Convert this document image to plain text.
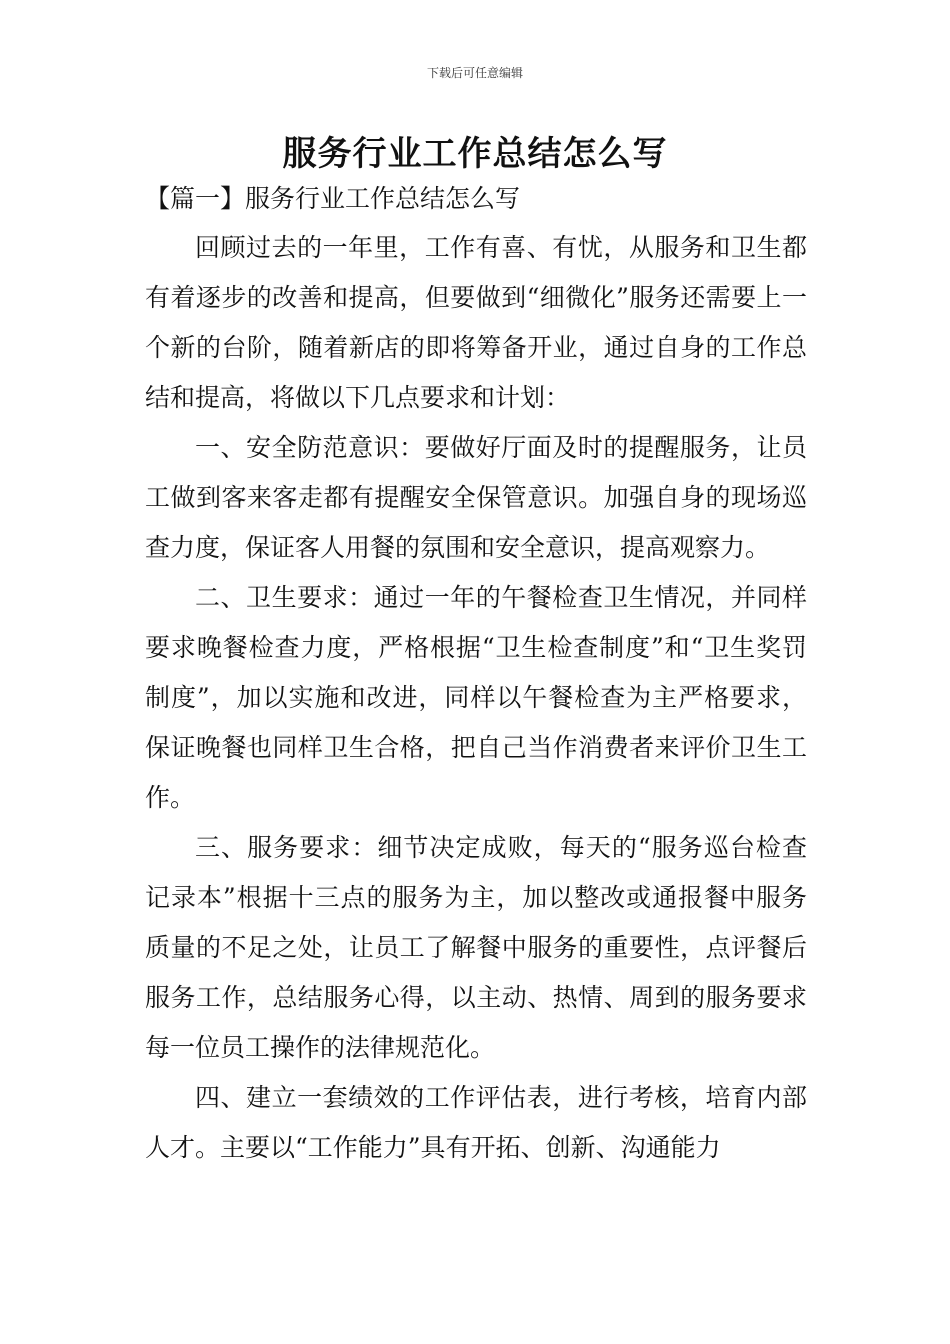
下载后可任意编辑
服务行业工作总结怎么写
【篇一】服务行业工作总结怎么写

回顾过去的一年里，工作有喜、有忧，从服务和卫生都有着逐步的改善和提高，但要做到“细微化”服务还需要上一个新的台阶，随着新店的即将筹备开业，通过自身的工作总结和提高，将做以下几点要求和计划：

一、安全防范意识：要做好厅面及时的提醒服务，让员工做到客来客走都有提醒安全保管意识。加强自身的现场巡查力度，保证客人用餐的氛围和安全意识，提高观察力。

二、卫生要求：通过一年的午餐检查卫生情况，并同样要求晚餐检查力度，严格根据“卫生检查制度”和“卫生奖罚制度”，加以实施和改进，同样以午餐检查为主严格要求，保证晚餐也同样卫生合格，把自己当作消费者来评价卫生工作。

三、服务要求：细节决定成败，每天的“服务巡台检查记录本”根据十三点的服务为主，加以整改或通报餐中服务质量的不足之处，让员工了解餐中服务的重要性，点评餐后服务工作，总结服务心得，以主动、热情、周到的服务要求每一位员工操作的法律规范化。

四、建立一套绩效的工作评估表，进行考核，培育内部人才。主要以“工作能力”具有开拓、创新、沟通能力
